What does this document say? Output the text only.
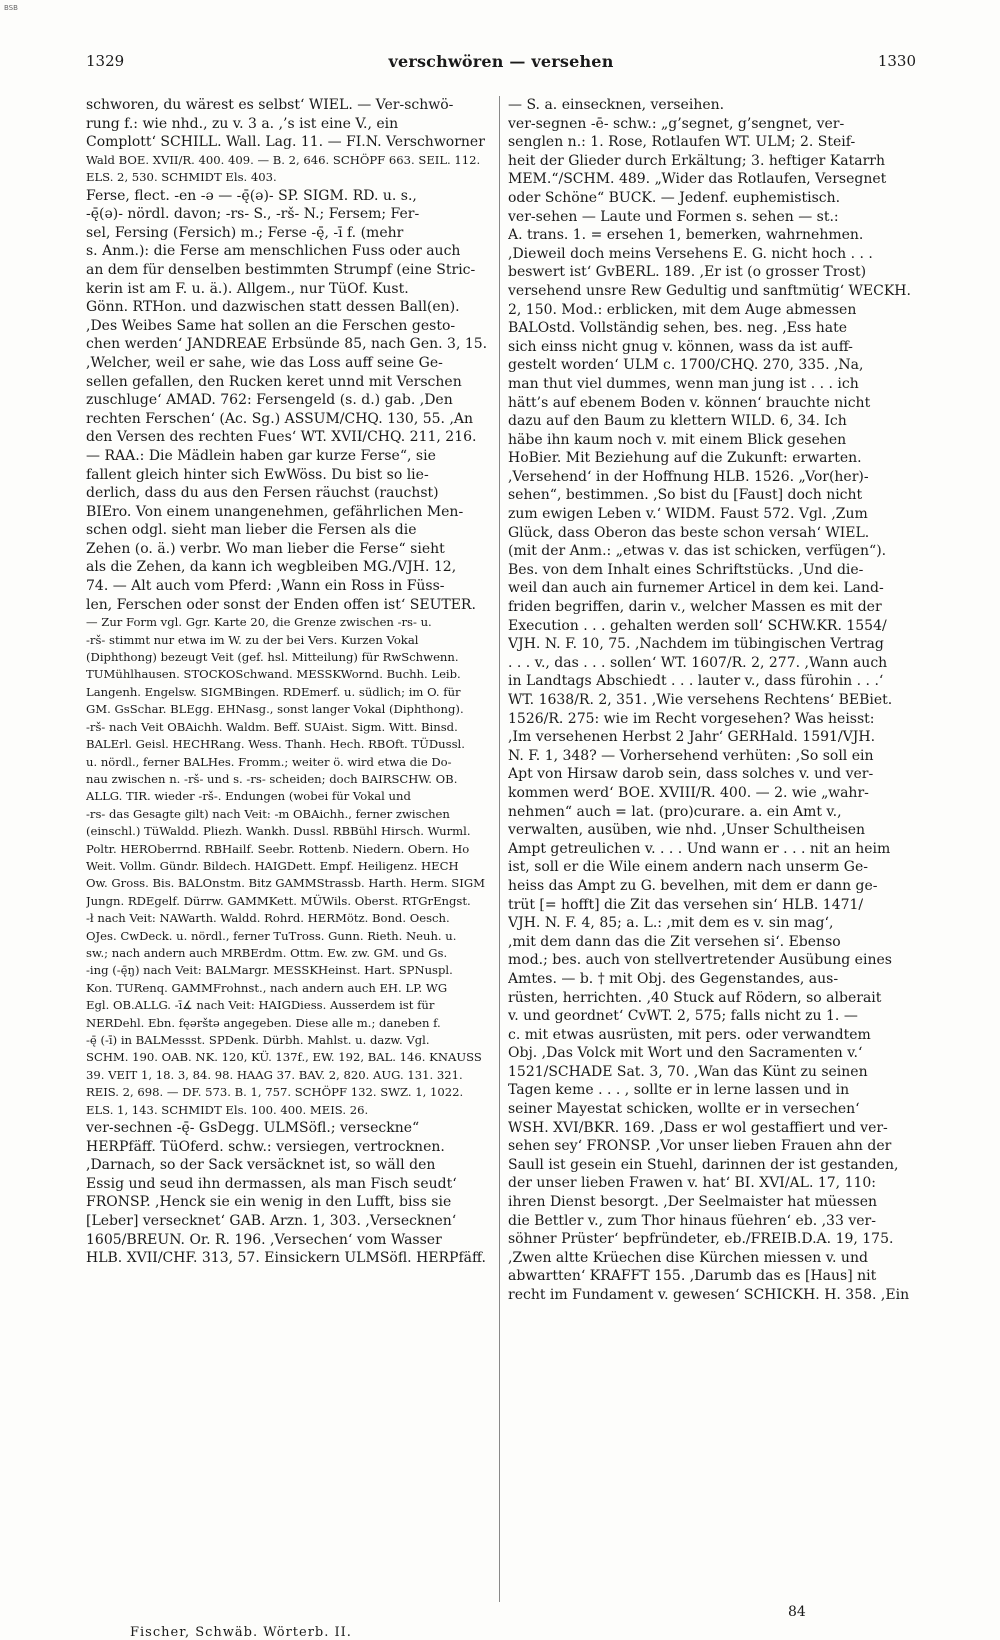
BSB
1329	verschwören — versehen	1330
schworen, du wärest es selbst‘ WIEL. — Ver-schwö-
rung f.: wie nhd., zu v. 3 a. ,’s ist eine V., ein
Complott‘ SCHILL. Wall. Lag. 11. — FI.N. Verschworner
Wald BOE. XVII/R. 400. 409. — B. 2, 646. SCHÖPF 663. SEIL. 112.
ELS. 2, 530. SCHMIDT Els. 403.
Ferse, flect. -en -ə — -ę̄(ə)- SP. SIGM. RD. u. s.,
-ę̄(ə)- nördl. davon; -rs- S., -rš- N.; Fersem; Fer-
sel, Fersing (Fersich) m.; Ferse -ę̄, -ī f. (mehr
s. Anm.): die Ferse am menschlichen Fuss oder auch
an dem für denselben bestimmten Strumpf (eine Stric-
kerin ist am F. u. ä.). Allgem., nur TüOf. Kust.
Gönn. RTHon. und dazwischen statt dessen Ball(en).
,Des Weibes Same hat sollen an die Ferschen gesto-
chen werden‘ JANDREAE Erbsünde 85, nach Gen. 3, 15.
,Welcher, weil er sahe, wie das Loss auff seine Ge-
sellen gefallen, den Rucken keret unnd mit Verschen
zuschluge‘ AMAD. 762: Fersengeld (s. d.) gab. ,Den
rechten Ferschen‘ (Ac. Sg.) ASSUM/CHQ. 130, 55. ,An
den Versen des rechten Fues‘ WT. XVII/CHQ. 211, 216.
— RAA.: Die Mädlein haben gar kurze Ferse“, sie
fallent gleich hinter sich EwWöss. Du bist so lie-
derlich, dass du aus den Fersen räuchst (rauchst)
BIEro. Von einem unangenehmen, gefährlichen Men-
schen odgl. sieht man lieber die Fersen als die
Zehen (o. ä.) verbr. Wo man lieber die Ferse“ sieht
als die Zehen, da kann ich wegbleiben MG./VJH. 12,
74. — Alt auch vom Pferd: ,Wann ein Ross in Füss-
len, Ferschen oder sonst der Enden offen ist‘ SEUTER.
— Zur Form vgl. Ggr. Karte 20, die Grenze zwischen -rs- u.
-rš- stimmt nur etwa im W. zu der bei Vers. Kurzen Vokal
(Diphthong) bezeugt Veit (gef. hsl. Mitteilung) für RwSchwenn.
TUMühlhausen. STOCKOSchwand. MESSKWornd. Buchh. Leib.
Langenh. Engelsw. SIGMBingen. RDEmerf. u. südlich; im O. für
GM. GsSchar. BLEgg. EHNasg., sonst langer Vokal (Diphthong).
-rš- nach Veit OBAichh. Waldm. Beff. SUAist. Sigm. Witt. Binsd.
BALErl. Geisl. HECHRang. Wess. Thanh. Hech. RBOft. TÜDussl.
u. nördl., ferner BALHes. Fromm.; weiter ö. wird etwa die Do-
nau zwischen n. -rš- und s. -rs- scheiden; doch BAIRSCHW. OB.
ALLG. TIR. wieder -rš-. Endungen (wobei für Vokal und
-rs- das Gesagte gilt) nach Veit: -m OBAichh., ferner zwischen
(einschl.) TüWaldd. Pliezh. Wankh. Dussl. RBBühl Hirsch. Wurml.
Poltr. HEROberrnd. RBHailf. Seebr. Rottenb. Niedern. Obern. Ho
Weit. Vollm. Gündr. Bildech. HAIGDett. Empf. Heiligenz. HECH
Ow. Gross. Bis. BALOnstm. Bitz GAMMStrassb. Harth. Herm. SIGM
Jungn. RDEgelf. Dürrw. GAMMKett. MÜWils. Oberst. RTGrEngst.
-ł nach Veit: NAWarth. Waldd. Rohrd. HERMötz. Bond. Oesch.
OJes. CwDeck. u. nördl., ferner TuTross. Gunn. Rieth. Neuh. u.
sw.; nach andern auch MRBErdm. Ottm. Ew. zw. GM. und Gs.
-ing (-ę̄ŋ) nach Veit: BALMargr. MESSKHeinst. Hart. SPNuspl.
Kon. TURenq. GAMMFrohnst., nach andern auch EH. LP. WG
Egl. OB.ALLG. -ī∡ nach Veit: HAIGDiess. Ausserdem ist für
NERDehl. Ebn. fęərštə angegeben. Diese alle m.; daneben f.
-ę̄ (-ī) in BALMessst. SPDenk. Dürbh. Mahlst. u. dazw. Vgl.
SCHM. 190. OAB. NK. 120, KÜ. 137f., EW. 192, BAL. 146. KNAUSS
39. VEIT 1, 18. 3, 84. 98. HAAG 37. BAV. 2, 820. AUG. 131. 321.
REIS. 2, 698. — DF. 573. B. 1, 757. SCHÖPF 132. SWZ. 1, 1022.
ELS. 1, 143. SCHMIDT Els. 100. 400. MEIS. 26.
ver-sechnen -ę̄- GsDegg. ULMSöfl.; verseckne“
HERPfäff. TüOferd. schw.: versiegen, vertrocknen.
,Darnach, so der Sack versäcknet ist, so wäll den
Essig und seud ihn dermassen, als man Fisch seudt‘
FRONSP. ,Henck sie ein wenig in den Lufft, biss sie
[Leber] versecknet‘ GAB. Arzn. 1, 303. ,Versecknen‘
1605/BREUN. Or. R. 196. ,Versechen‘ vom Wasser
HLB. XVII/CHF. 313, 57. Einsickern ULMSöfl. HERPfäff.
— S. a. einsecknen, verseihen.
ver-segnen -ē- schw.: „g’segnet, g’sengnet, ver-
senglen n.: 1. Rose, Rotlaufen WT. ULM; 2. Steif-
heit der Glieder durch Erkältung; 3. heftiger Katarrh
MEM.“/SCHM. 489. „Wider das Rotlaufen, Versegnet
oder Schöne“ BUCK. — Jedenf. euphemistisch.
ver-sehen — Laute und Formen s. sehen — st.:
A. trans. 1. = ersehen 1, bemerken, wahrnehmen.
,Dieweil doch meins Versehens E. G. nicht hoch . . .
beswert ist‘ GvBERL. 189. ,Er ist (o grosser Trost)
versehend unsre Rew Gedultig und sanftmütig‘ WECKH.
2, 150. Mod.: erblicken, mit dem Auge abmessen
BALOstd. Vollständig sehen, bes. neg. ,Ess hate
sich einss nicht gnug v. können, wass da ist auff-
gestelt worden‘ ULM c. 1700/CHQ. 270, 335. ,Na,
man thut viel dummes, wenn man jung ist . . . ich
hätt’s auf ebenem Boden v. können‘ brauchte nicht
dazu auf den Baum zu klettern WILD. 6, 34. Ich
häbe ihn kaum noch v. mit einem Blick gesehen
HoBier. Mit Beziehung auf die Zukunft: erwarten.
,Versehend‘ in der Hoffnung HLB. 1526. „Vor(her)-
sehen“, bestimmen. ,So bist du [Faust] doch nicht
zum ewigen Leben v.‘ WIDM. Faust 572. Vgl. ,Zum
Glück, dass Oberon das beste schon versah‘ WIEL.
(mit der Anm.: „etwas v. das ist schicken, verfügen“).
Bes. von dem Inhalt eines Schriftstücks. ,Und die-
weil dan auch ain furnemer Articel in dem kei. Land-
friden begriffen, darin v., welcher Massen es mit der
Execution . . . gehalten werden soll‘ SCHW.KR. 1554/
VJH. N. F. 10, 75. ,Nachdem im tübingischen Vertrag
. . . v., das . . . sollen‘ WT. 1607/R. 2, 277. ,Wann auch
in Landtags Abschiedt . . . lauter v., dass fürohin . . .‘
WT. 1638/R. 2, 351. ,Wie versehens Rechtens‘ BEBiet.
1526/R. 275: wie im Recht vorgesehen? Was heisst:
,Im versehenen Herbst 2 Jahr‘ GERHald. 1591/VJH.
N. F. 1, 348? — Vorhersehend verhüten: ,So soll ein
Apt von Hirsaw darob sein, dass solches v. und ver-
kommen werd‘ BOE. XVIII/R. 400. — 2. wie „wahr-
nehmen“ auch = lat. (pro)curare. a. ein Amt v.,
verwalten, ausüben, wie nhd. ,Unser Schultheisen
Ampt getreulichen v. . . . Und wann er . . . nit an heim
ist, soll er die Wile einem andern nach unserm Ge-
heiss das Ampt zu G. bevelhen, mit dem er dann ge-
trüt [= hofft] die Zit das versehen sin‘ HLB. 1471/
VJH. N. F. 4, 85; a. L.: ,mit dem es v. sin mag‘,
,mit dem dann das die Zit versehen si‘. Ebenso
mod.; bes. auch von stellvertretender Ausübung eines
Amtes. — b. † mit Obj. des Gegenstandes, aus-
rüsten, herrichten. ,40 Stuck auf Rödern, so alberait
v. und geordnet‘ CvWT. 2, 575; falls nicht zu 1. —
c. mit etwas ausrüsten, mit pers. oder verwandtem
Obj. ,Das Volck mit Wort und den Sacramenten v.‘
1521/SCHADE Sat. 3, 70. ,Wan das Künt zu seinen
Tagen keme . . . , sollte er in lerne lassen und in
seiner Mayestat schicken, wollte er in versechen‘
WSH. XVI/BKR. 169. ,Dass er wol gestaffiert und ver-
sehen sey‘ FRONSP. ,Vor unser lieben Frauen ahn der
Saull ist gesein ein Stuehl, darinnen der ist gestanden,
der unser lieben Frawen v. hat‘ BI. XVI/AL. 17, 110:
ihren Dienst besorgt. ,Der Seelmaister hat müessen
die Bettler v., zum Thor hinaus füehren‘ eb. ,33 ver-
söhner Prüster‘ bepfründeter, eb./FREIB.D.A. 19, 175.
,Zwen altte Krüechen dise Kürchen miessen v. und
abwartten‘ KRAFFT 155. ,Darumb das es [Haus] nit
recht im Fundament v. gewesen‘ SCHICKH. H. 358. ,Ein
Fischer, Schwäb. Wörterb. II.
84
